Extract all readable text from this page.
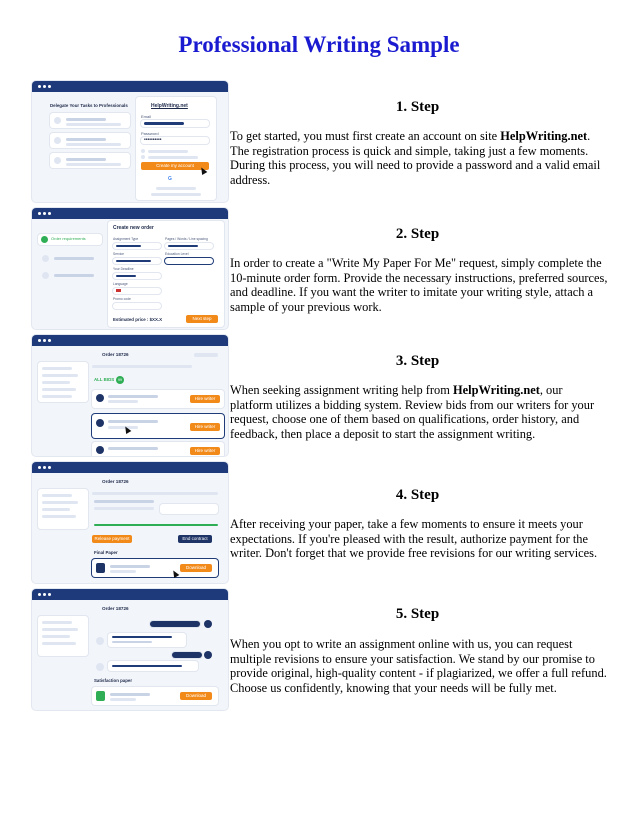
Professional Writing Sample
1. Step

To get started, you must first create an account on site HelpWriting.net. The registration process is quick and simple, taking just a few moments. During this process, you will need to provide a password and a valid email address.

2. Step

In order to create a "Write My Paper For Me" request, simply complete the 10-minute order form. Provide the necessary instructions, preferred sources, and deadline. If you want the writer to imitate your writing style, attach a sample of your previous work.

3. Step

When seeking assignment writing help from HelpWriting.net, our platform utilizes a bidding system. Review bids from our writers for your request, choose one of them based on qualifications, order history, and feedback, then place a deposit to start the assignment writing.

4. Step

After receiving your paper, take a few moments to ensure it meets your expectations. If you're pleased with the result, authorize payment for the writer. Don't forget that we provide free revisions for our writing services.

5. Step

When you opt to write an assignment online with us, you can request multiple revisions to ensure your satisfaction. We stand by our promise to provide original, high-quality content - if plagiarized, we offer a full refund. Choose us confidently, knowing that your needs will be fully met.

Delegate Your Tasks to Professionals	HelpWriting.net
Email
Password
••••••••••
Create my account
G
Order requirements
Create new order
Assignment Type	Pages / Words / Line spacing
Service	Education Level
Your Deadline
Language
Promo code
Estimated price : $XX.X	Next step
Order 18726
ALL BIDS	99
Hire writer
Hire writer
Hire writer
Order 18726
Release payment	End contract
Final Paper
Download
Order 18726
Satisfaction paper
Download
